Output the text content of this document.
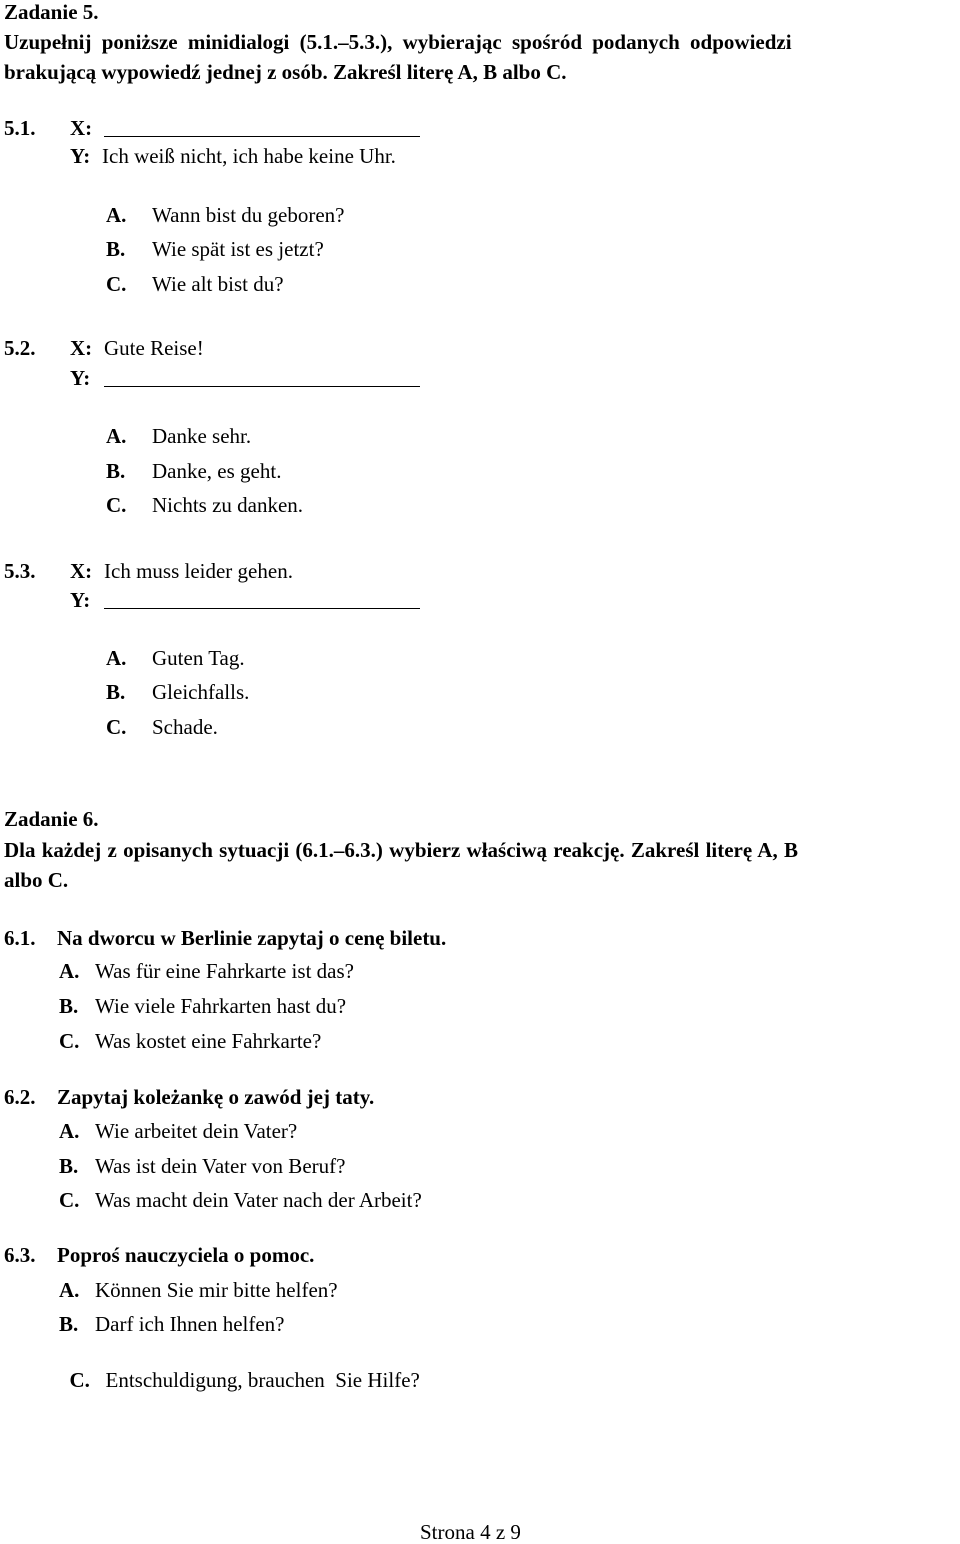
Zadanie 5.
Uzupełnij poniższe minidialogi (5.1.–5.3.), wybierając spośród podanych odpowiedzi
brakującą wypowiedź jednej z osób. Zakreśl literę A, B albo C.
5.1. X:
Y: Ich weiß nicht, ich habe keine Uhr.
A. Wann bist du geboren?
B. Wie spät ist es jetzt?
C. Wie alt bist du?
5.2. X: Gute Reise!
Y:
A. Danke sehr.
B. Danke, es geht.
C. Nichts zu danken.
5.3. X: Ich muss leider gehen.
Y:
A. Guten Tag.
B. Gleichfalls.
C. Schade.
Zadanie 6.
Dla każdej z opisanych sytuacji (6.1.–6.3.) wybierz właściwą reakcję. Zakreśl literę A, B
albo C.
6.1. Na dworcu w Berlinie zapytaj o cenę biletu.
A. Was für eine Fahrkarte ist das?
B. Wie viele Fahrkarten hast du?
C. Was kostet eine Fahrkarte?
6.2. Zapytaj koleżankę o zawód jej taty.
A. Wie arbeitet dein Vater?
B. Was ist dein Vater von Beruf?
C. Was macht dein Vater nach der Arbeit?
6.3. Poproś nauczyciela o pomoc.
A. Können Sie mir bitte helfen?
B. Darf ich Ihnen helfen?

C. Entschuldigung, brauchen  Sie Hilfe?

Strona 4 z 9
